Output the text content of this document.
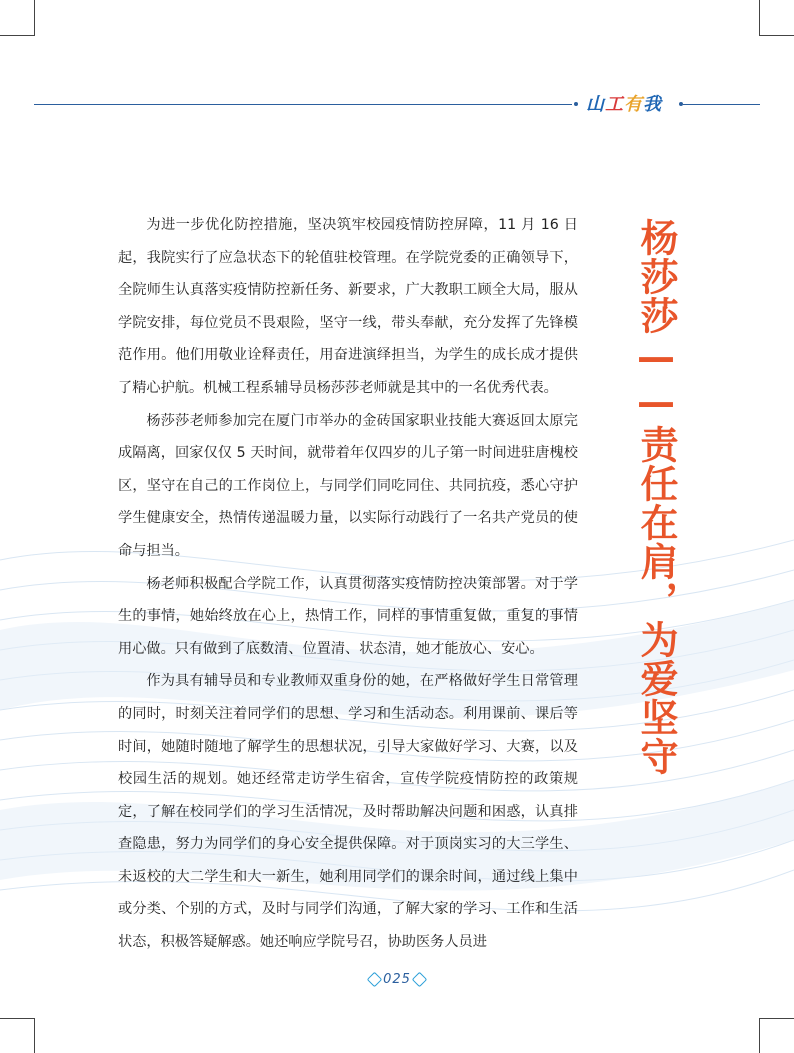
山工有我

为进一步优化防控措施，坚决筑牢校园疫情防控屏障，11 月 16 日起，我院实行了应急状态下的轮值驻校管理。在学院党委的正确领导下，全院师生认真落实疫情防控新任务、新要求，广大教职工顾全大局，服从学院安排，每位党员不畏艰险，坚守一线，带头奉献，充分发挥了先锋模范作用。他们用敬业诠释责任，用奋进演绎担当，为学生的成长成才提供了精心护航。机械工程系辅导员杨莎莎老师就是其中的一名优秀代表。

杨莎莎老师参加完在厦门市举办的金砖国家职业技能大赛返回太原完成隔离，回家仅仅 5 天时间，就带着年仅四岁的儿子第一时间进驻唐槐校区，坚守在自己的工作岗位上，与同学们同吃同住、共同抗疫，悉心守护学生健康安全，热情传递温暖力量，以实际行动践行了一名共产党员的使命与担当。

杨老师积极配合学院工作，认真贯彻落实疫情防控决策部署。对于学生的事情，她始终放在心上，热情工作，同样的事情重复做，重复的事情用心做。只有做到了底数清、位置清、状态清，她才能放心、安心。

作为具有辅导员和专业教师双重身份的她，在严格做好学生日常管理的同时，时刻关注着同学们的思想、学习和生活动态。利用课前、课后等时间，她随时随地了解学生的思想状况，引导大家做好学习、大赛，以及校园生活的规划。她还经常走访学生宿舍，宣传学院疫情防控的政策规定，了解在校同学们的学习生活情况，及时帮助解决问题和困惑，认真排查隐患，努力为同学们的身心安全提供保障。对于顶岗实习的大三学生、未返校的大二学生和大一新生，她利用同学们的课余时间，通过线上集中或分类、个别的方式，及时与同学们沟通，了解大家的学习、工作和生活状态，积极答疑解惑。她还响应学院号召，协助医务人员进

杨莎莎——责任在肩，为爱坚守
025
